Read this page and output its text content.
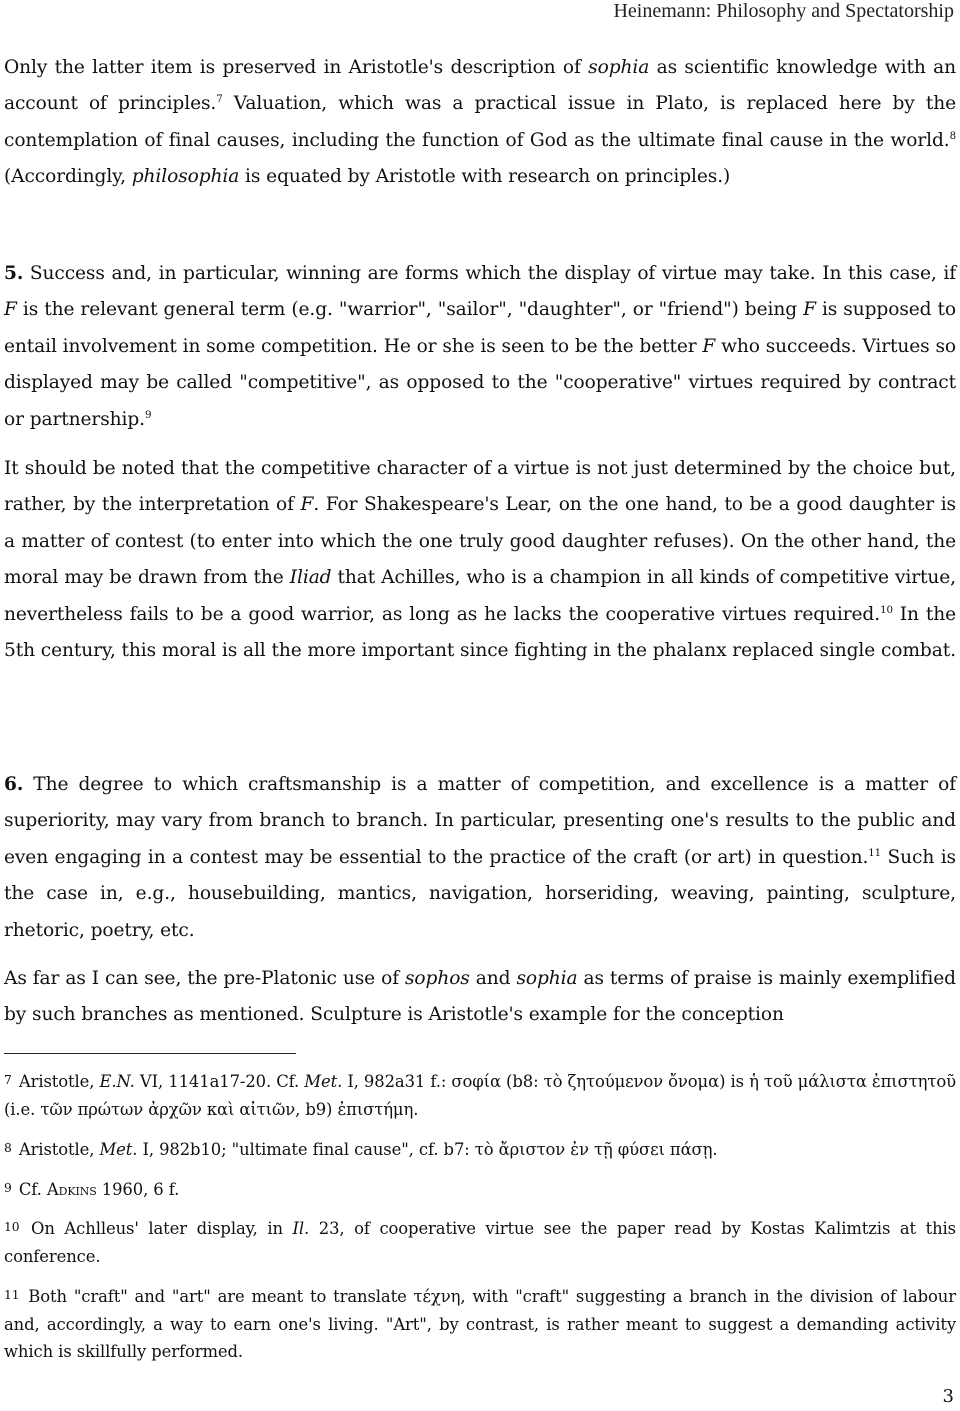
Heinemann: Philosophy and Spectatorship

Only the latter item is preserved in Aristotle's description of sophia as scientific knowledge with an account of principles.$^7$ Valuation, which was a practical issue in Plato, is replaced here by the contemplation of final causes, including the function of God as the ultimate final cause in the world.$^8$ (Accordingly, philosophia is equated by Aristotle with research on principles.)

5. Success and, in particular, winning are forms which the display of virtue may take. In this case, if F is the relevant general term (e.g. "warrior", "sailor", "daughter", or "friend") being F is supposed to entail involvement in some competition. He or she is seen to be the better F who succeeds. Virtues so displayed may be called "competitive", as opposed to the "cooperative" virtues required by contract or partnership.$^9$

It should be noted that the competitive character of a virtue is not just determined by the choice but, rather, by the interpretation of F. For Shakespeare's Lear, on the one hand, to be a good daughter is a matter of contest (to enter into which the one truly good daughter refuses). On the other hand, the moral may be drawn from the Iliad that Achilles, who is a champion in all kinds of competitive virtue, nevertheless fails to be a good warrior, as long as he lacks the cooperative virtues required.$^{10}$ In the 5th century, this moral is all the more important since fighting in the phalanx replaced single combat.

6. The degree to which craftsmanship is a matter of competition, and excellence is a matter of superiority, may vary from branch to branch. In particular, presenting one's results to the public and even engaging in a contest may be essential to the practice of the craft (or art) in question.$^{11}$ Such is the case in, e.g., housebuilding, mantics, navigation, horseriding, weaving, painting, sculpture, rhetoric, poetry, etc.

As far as I can see, the pre-Platonic use of sophos and sophia as terms of praise is mainly exemplified by such branches as mentioned. Sculpture is Aristotle's example for the conception

7 Aristotle, E.N. VI, 1141a17-20. Cf. Met. I, 982a31 f.: σοφία (b8: τὸ ζητούμενον ὄνομα) is ἡ τοῦ μάλιστα ἐπιστητοῦ (i.e. τῶν πρώτων ἀρχῶν καὶ αἰτιῶν, b9) ἐπιστήμη.

8 Aristotle, Met. I, 982b10; "ultimate final cause", cf. b7: τὸ ἄριστον ἐν τῇ φύσει πάσῃ.

9 Cf. Adkins 1960, 6 f.

10 On Achlleus' later display, in Il. 23, of cooperative virtue see the paper read by Kostas Kalimtzis at this conference.

11 Both "craft" and "art" are meant to translate τέχνη, with "craft" suggesting a branch in the division of labour and, accordingly, a way to earn one's living. "Art", by contrast, is rather meant to suggest a demanding activity which is skillfully performed.

3
